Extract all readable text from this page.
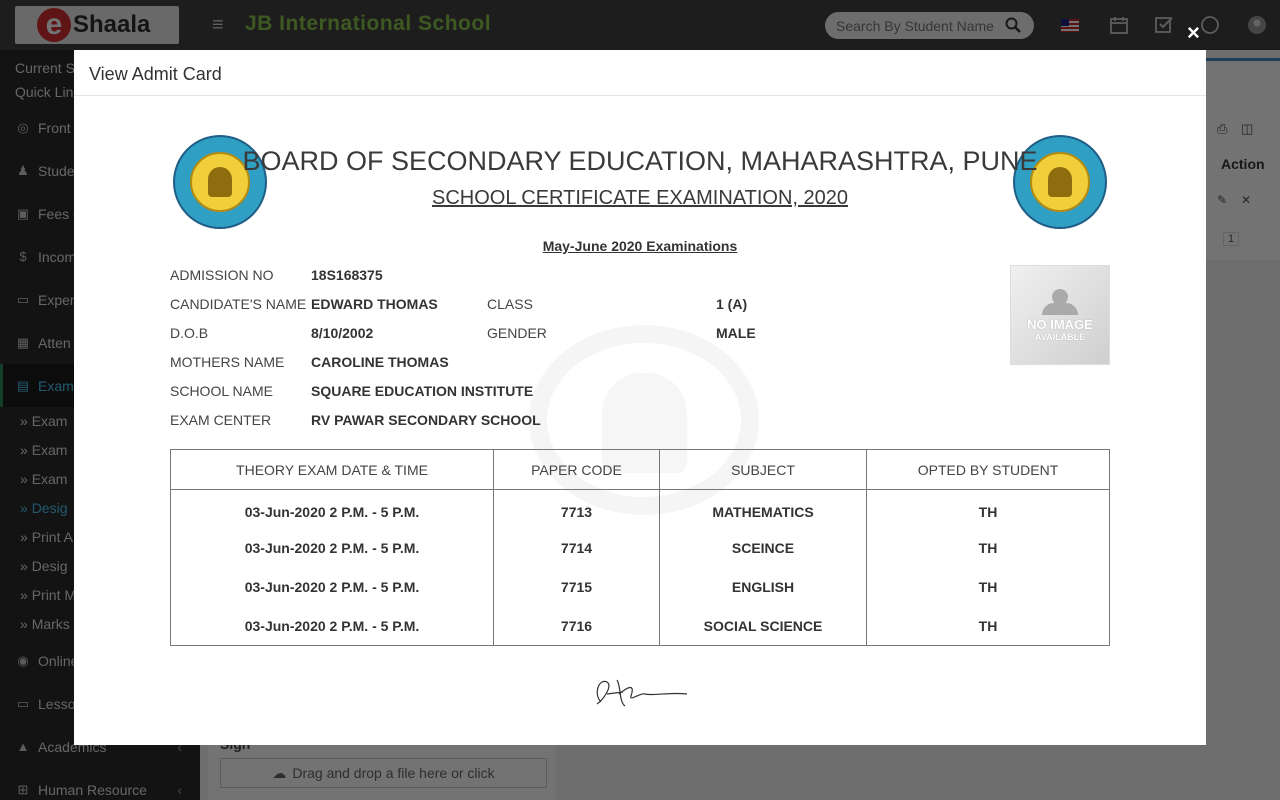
×
View Admit Card
BOARD OF SECONDARY EDUCATION, MAHARASHTRA, PUNE
SCHOOL CERTIFICATE EXAMINATION, 2020
May-June 2020 Examinations
ADMISSION NO	18S168375
CANDIDATE'S NAME EDWARD THOMAS	CLASS	1 (A)
D.O.B	8/10/2002	GENDER	MALE
MOTHERS NAME CAROLINE THOMAS
SCHOOL NAME	SQUARE EDUCATION INSTITUTE
EXAM CENTER	RV PAWAR SECONDARY SCHOOL
NO IMAGE
AVAILABLE
THEORY EXAM DATE & TIME	PAPER CODE	SUBJECT	OPTED BY STUDENT
03-Jun-2020 2 P.M. - 5 P.M.	7713	MATHEMATICS	TH
03-Jun-2020 2 P.M. - 5 P.M.	7714	SCEINCE	TH
03-Jun-2020 2 P.M. - 5 P.M.	7715	ENGLISH	TH
03-Jun-2020 2 P.M. - 5 P.M.	7716	SOCIAL SCIENCE	TH
